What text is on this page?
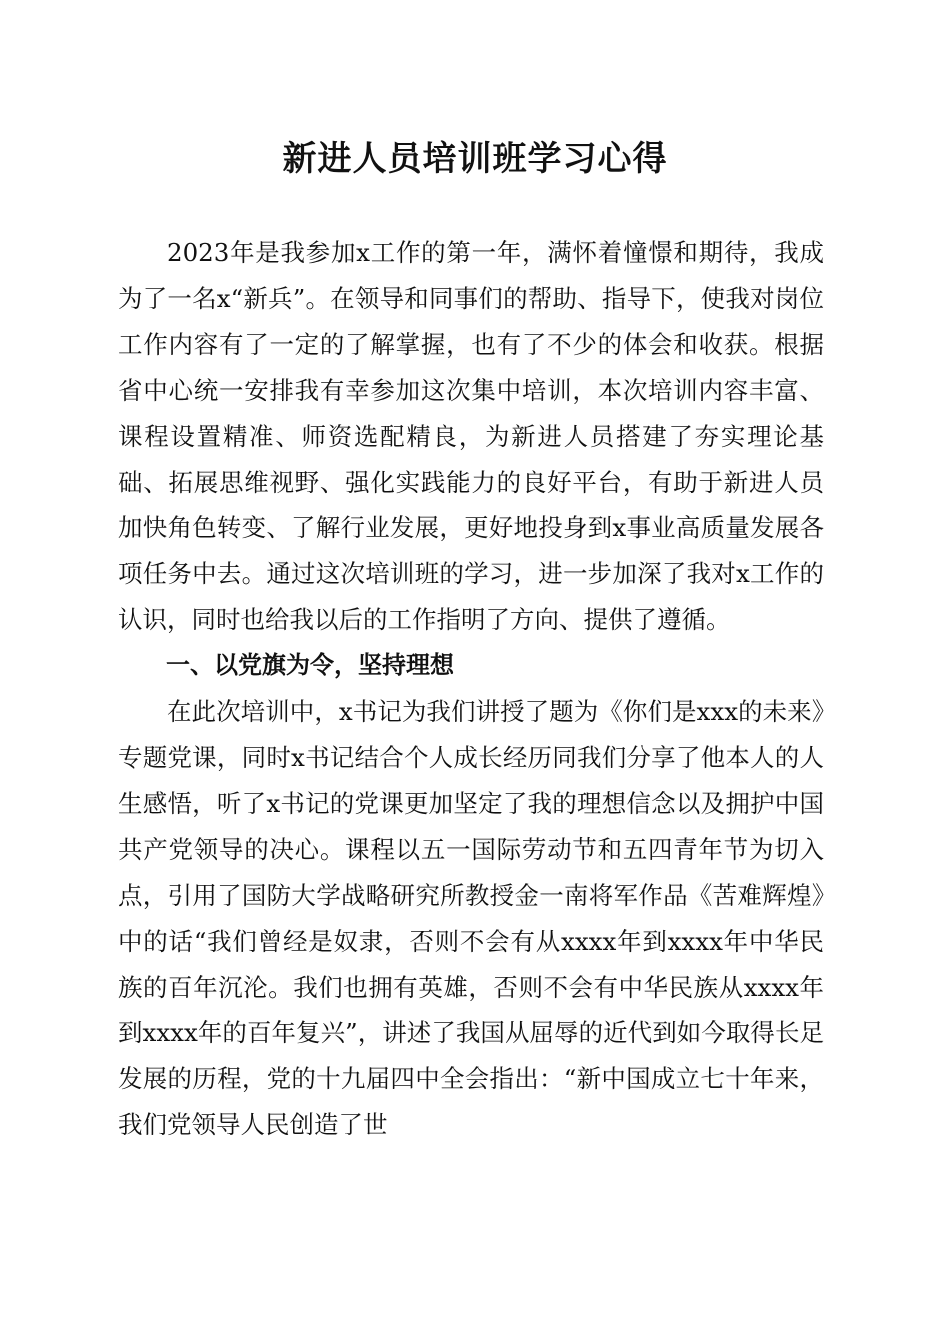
新进人员培训班学习心得

2023年是我参加x工作的第一年，满怀着憧憬和期待，我成为了一名x“新兵”。在领导和同事们的帮助、指导下，使我对岗位工作内容有了一定的了解掌握，也有了不少的体会和收获。根据省中心统一安排我有幸参加这次集中培训，本次培训内容丰富、课程设置精准、师资选配精良，为新进人员搭建了夯实理论基础、拓展思维视野、强化实践能力的良好平台，有助于新进人员加快角色转变、了解行业发展，更好地投身到x事业高质量发展各项任务中去。通过这次培训班的学习，进一步加深了我对x工作的认识，同时也给我以后的工作指明了方向、提供了遵循。

一、以党旗为令，坚持理想

在此次培训中，x书记为我们讲授了题为《你们是xxx的未来》专题党课，同时x书记结合个人成长经历同我们分享了他本人的人生感悟，听了x书记的党课更加坚定了我的理想信念以及拥护中国共产党领导的决心。课程以五一国际劳动节和五四青年节为切入点，引用了国防大学战略研究所教授金一南将军作品《苦难辉煌》中的话“我们曾经是奴隶，否则不会有从xxxx年到xxxx年中华民族的百年沉沦。我们也拥有英雄，否则不会有中华民族从xxxx年到xxxx年的百年复兴”，讲述了我国从屈辱的近代到如今取得长足发展的历程，党的十九届四中全会指出：“新中国成立七十年来，我们党领导人民创造了世
